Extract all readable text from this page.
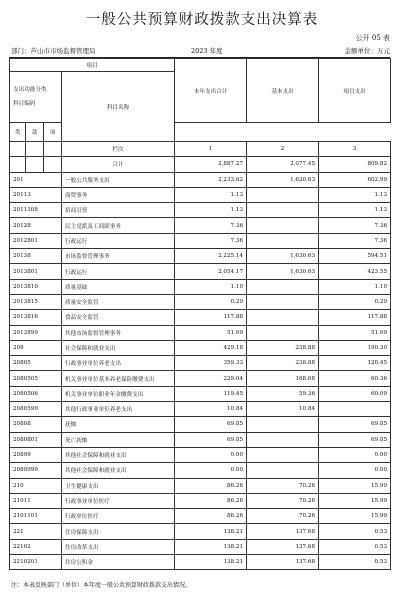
一般公共预算财政拨款支出决算表
公开 05 表
部门：芦山市市场监督管理局	2023 年度	金额单位：万元
项目				本年支出合计	基本支出	项目支出

支出功能分类
科目编码			科目名称			
类	款	项				
			栏次	1	2	3
			合计	2,887.27	2,077.45	809.82
201			一般公共服务支出	2,233.62	1,630.63	602.99
20113			商贸事务	1.13		1.13
2011308			招商引资	1.13		1.13
20128			民主党派及工商联事务	7.36		7.36
2012801			行政运行	7.36		7.36
20138			市场监督管理事务	2,225.14	1,630.63	594.51
2013801			行政运行	2,054.17	1,630.63	423.55
2013810			质量基础	1.10		1.10
2013815			质量安全监管	0.29		0.29
2013816			食品安全监管	117.88		117.88
2013899			其他市场监督管理事务	51.69		51.69
208			社会保障和就业支出	429.18	238.88	190.30
20805			行政事业单位养老支出	359.33	238.88	120.45
2080505			机关事业单位基本养老保险缴费支出	229.04	168.68	60.36
2080506			机关事业单位职业年金缴费支出	119.45	59.36	60.09
2080599			其他行政事业单位养老支出	10.84	10.84	
20808			抚恤	69.85		69.85
2080801			死亡抚恤	69.85		69.85
20899			其他社会保障和就业支出	0.00		0.00
2089999			其他社会保障和就业支出	0.00		0.00
210			卫生健康支出	86.26	70.26	15.99
21011			行政事业单位医疗	86.26	70.26	15.99
2101101			行政单位医疗	86.26	70.26	15.99
221			住房保障支出	138.21	137.68	0.53
22102			住房改革支出	138.21	137.68	0.53
2210201			住房公积金	138.21	137.68	0.53
注：本表反映部门（单位）本年度一般公共预算财政拨款支出情况。
